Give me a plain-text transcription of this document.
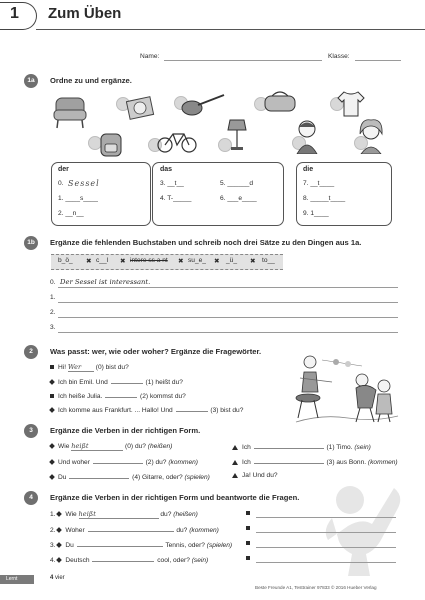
1 Zum Üben
Name:	Klasse:
1a	Ordne zu und ergänze.
der
0. Sessel
1. ____s____
2. __n__
das
3. __t__	5. ______d
4. T-_____	6. ___e____
die
7. __t____
8. _____t____
9. 1____
1b	Ergänze die fehlenden Buchstaben und schreib noch drei Sätze zu den Dingen aus 1a.
b_ö_ ✖ c__l ✖ intere ss a nt ✖ su_e_ ✖ _ü_ ✖ to__
0. Der Sessel ist interessant.
1.
2.
3.
2	Was passt: wer, wie oder woher? Ergänze die Fragewörter.
Hi! Wer (0) bist du?
Ich bin Emil. Und	(1) heißt du?
Ich heiße Julia.	(2) kommst du?
Ich komme aus Frankfurt. ... Hallo! Und	(3) bist du?
3	Ergänze die Verben in der richtigen Form.
Wie heißt	(0) du? (heißen)
Und woher	(2) du? (kommen)
Du	(4) Gitarre, oder? (spielen)
Ich	(1) Timo. (sein)
Ich	(3) aus Bonn. (kommen)
Ja! Und du?
4	Ergänze die Verben in der richtigen Form und beantworte die Fragen.
1. Wie heißt	du? (heißen)
2. Woher	du? (kommen)
3. Du	Tennis, oder? (spielen)
4. Deutsch	cool, oder? (sein)
Lernt	4 vier
Beste Freunde A1, Testtrainer 97833 © 2016 Hueber Verlag
